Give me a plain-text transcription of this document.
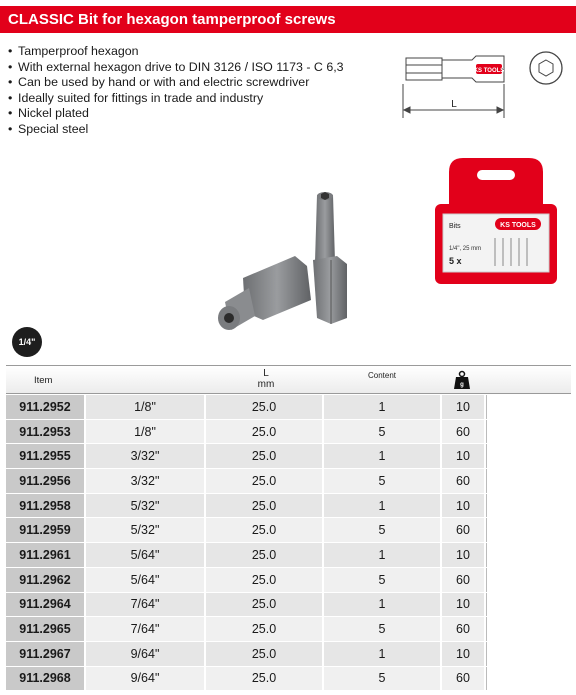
CLASSIC Bit for hexagon tamperproof screws
• Tamperproof hexagon
• With external hexagon drive to DIN 3126 / ISO 1173 - C 6,3
• Can be used by hand or with and electric screwdriver
• Ideally suited for fittings in trade and industry
• Nickel plated
• Special steel
KS TOOLS
L
KS TOOLS
Bits
1/4", 25 mm
5 x
1/4"
Item
L
mm
Content
g
911.2952	1/8"	25.0	1	10
911.2953	1/8"	25.0	5	60
911.2955	3/32"	25.0	1	10
911.2956	3/32"	25.0	5	60
911.2958	5/32"	25.0	1	10
911.2959	5/32"	25.0	5	60
911.2961	5/64"	25.0	1	10
911.2962	5/64"	25.0	5	60
911.2964	7/64"	25.0	1	10
911.2965	7/64"	25.0	5	60
911.2967	9/64"	25.0	1	10
911.2968	9/64"	25.0	5	60
